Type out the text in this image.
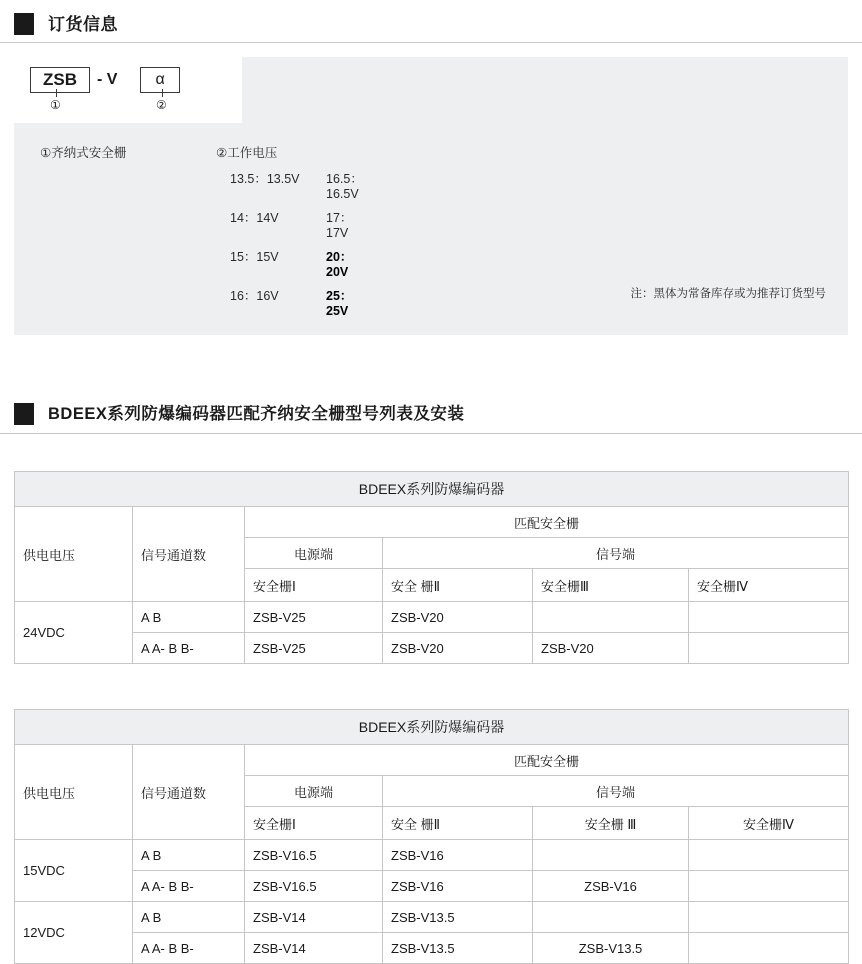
订货信息
ZSB	- V	α
①	②
①齐纳式安全栅	②工作电压
13.5：13.5V	16.5：16.5V
14：14V	17：17V
15：15V	20：20V
16：16V	25：25V
注：黑体为常备库存或为推荐订货型号
BDEEX系列防爆编码器匹配齐纳安全栅型号列表及安装
BDEEX系列防爆编码器					
供电电压	信号通道数	匹配安全栅			
		电源端	信号端		
		安全栅Ⅰ	安全 栅Ⅱ	安全栅Ⅲ	安全栅Ⅳ
24VDC	A B	ZSB-V25	ZSB-V20		
	A A- B B-	ZSB-V25	ZSB-V20	ZSB-V20	
BDEEX系列防爆编码器					
供电电压	信号通道数	匹配安全栅			
		电源端	信号端		
		安全栅Ⅰ	安全 栅Ⅱ	安全栅 Ⅲ	安全栅Ⅳ
15VDC	A B	ZSB-V16.5	ZSB-V16		
	A A- B B-	ZSB-V16.5	ZSB-V16	ZSB-V16	
12VDC	A B	ZSB-V14	ZSB-V13.5		
	A A- B B-	ZSB-V14	ZSB-V13.5	ZSB-V13.5	
